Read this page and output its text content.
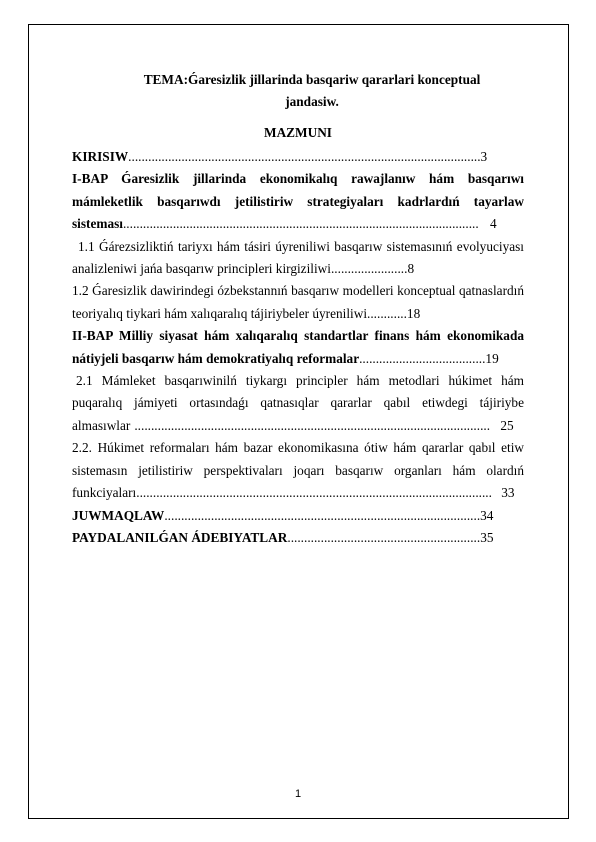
TEMA:Ǵaresizlik jillarinda basqariw qararlari konceptual
jandasiw.

MAZMUNI
KIRISIW..........................................................................................................3
I-BAP Ǵaresizlik jillarinda ekonomikalıq rawajlanıw hám basqarıwı mámleketlik basqarıwdı jetilistiriw strategiyaları kadrlardıń tayarlaw sisteması........................................................................................................... 4
1.1 Ǵárezsizliktiń tariyxı hám tásiri úyreniliwi basqarıw sistemasınıń evolyuciyası analizleniwi jańa basqarıw principleri kirgiziliwi.......................8
1.2 Ǵaresizlik dawirindegi ózbekstannıń basqarıw modelleri konceptual qatnaslardıń teoriyalıq tiykari hám xalıqaralıq tájiriybeler úyreniliwi............18
II-BAP Milliy siyasat hám xalıqaralıq standartlar finans hám ekonomikada nátiyjeli basqarıw hám demokratiyalıq reformalar......................................19
2.1 Mámleket basqarıwinilń tiykargı principler hám metodlari húkimet hám puqaralıq jámiyeti ortasındaǵı qatnasıqlar qararlar qabıl etiwdegi tájiriybe almasıwlar ........................................................................................................... 25
2.2. Húkimet reformaları hám bazar ekonomikasına ótiw hám qararlar qabıl etiw sistemasın jetilistiriw perspektivaları joqarı basqarıw organları hám olardıń funkciyaları........................................................................................................... 33
JUWMAQLAW...............................................................................................34
PAYDALANILǴAN ÁDEBIYATLAR..........................................................35
1
